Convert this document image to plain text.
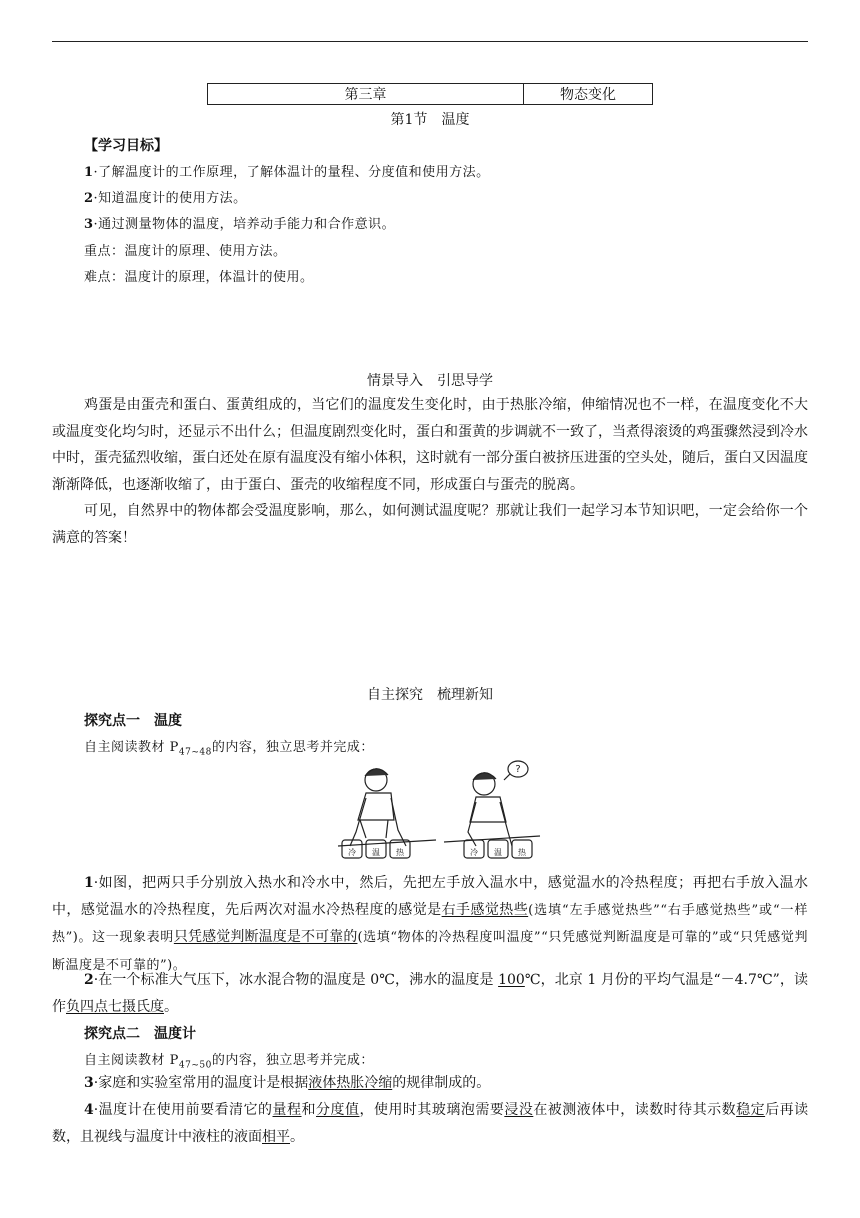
第三章	物态变化
第1节　温度
【学习目标】
1·了解温度计的工作原理，了解体温计的量程、分度值和使用方法。
2·知道温度计的使用方法。
3·通过测量物体的温度，培养动手能力和合作意识。
重点：温度计的原理、使用方法。
难点：温度计的原理，体温计的使用。
情景导入　引思导学

鸡蛋是由蛋壳和蛋白、蛋黄组成的，当它们的温度发生变化时，由于热胀冷缩，伸缩情况也不一样，在温度变化不大或温度变化均匀时，还显示不出什么；但温度剧烈变化时，蛋白和蛋黄的步调就不一致了，当煮得滚烫的鸡蛋骤然浸到冷水中时，蛋壳猛烈收缩，蛋白还处在原有温度没有缩小体积，这时就有一部分蛋白被挤压进蛋的空头处，随后，蛋白又因温度渐渐降低，也逐渐收缩了，由于蛋白、蛋壳的收缩程度不同，形成蛋白与蛋壳的脱离。

可见，自然界中的物体都会受温度影响，那么，如何测试温度呢？那就让我们一起学习本节知识吧，一定会给你一个满意的答案！

自主探究　梳理新知
探究点一　温度
自主阅读教材 $P_{47\sim 48}$的内容，独立思考并完成：
冷 温 热	冷 温 热
?

1·如图，把两只手分别放入热水和冷水中，然后，先把左手放入温水中，感觉温水的冷热程度；再把右手放入温水中，感觉温水的冷热程度，先后两次对温水冷热程度的感觉是右手感觉热些(选填“左手感觉热些”“右手感觉热些”或“一样热”)。这一现象表明只凭感觉判断温度是不可靠的(选填“物体的冷热程度叫温度”“只凭感觉判断温度是可靠的”或“只凭感觉判断温度是不可靠的”)。

2·在一个标准大气压下，冰水混合物的温度是 0℃，沸水的温度是 100℃，北京 1 月份的平均气温是“－4.7℃”，读作负四点七摄氏度。

探究点二　温度计
自主阅读教材 $P_{47\sim 50}$的内容，独立思考并完成：

3·家庭和实验室常用的温度计是根据液体热胀冷缩的规律制成的。

4·温度计在使用前要看清它的量程和分度值，使用时其玻璃泡需要浸没在被测液体中，读数时待其示数稳定后再读数，且视线与温度计中液柱的液面相平。
